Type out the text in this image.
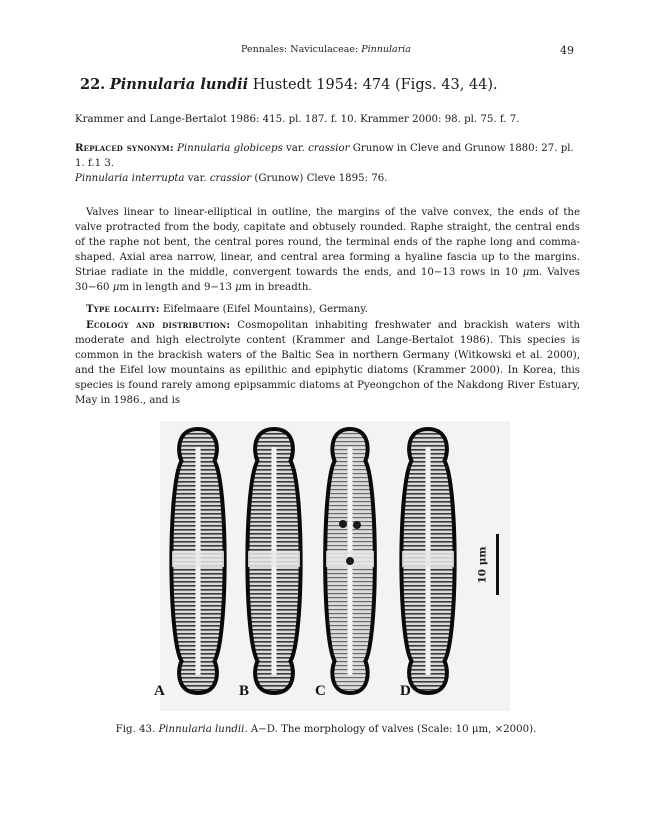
Pennales: Naviculaceae: Pinnularia	49
22. Pinnularia lundii Hustedt 1954: 474 (Figs. 43, 44).
Krammer and Lange-Bertalot 1986: 415. pl. 187. f. 10. Krammer 2000: 98. pl. 75. f. 7.
Replaced synonym: Pinnularia globiceps var. crassior Grunow in Cleve and Grunow 1880: 27. pl. 1. f.1 3.
Pinnularia interrupta var. crassior (Grunow) Cleve 1895: 76.
Valves linear to linear-elliptical in outline, the margins of the valve convex, the ends of the valve protracted from the body, capitate and obtusely rounded. Raphe straight, the central ends of the raphe not bent, the central pores round, the terminal ends of the raphe long and comma-shaped. Axial area narrow, linear, and central area forming a hyaline fascia up to the margins. Striae radiate in the middle, convergent towards the ends, and 10−13 rows in 10 μm. Valves 30−60 μm in length and 9−13 μm in breadth.
Type locality: Eifelmaare (Eifel Mountains), Germany.
Ecology and distribution: Cosmopolitan inhabiting freshwater and brackish waters with moderate and high electrolyte content (Krammer and Lange-Bertalot 1986). This species is common in the brackish waters of the Baltic Sea in northern Germany (Witkowski et al. 2000), and the Eifel low mountains as epilithic and epiphytic diatoms (Krammer 2000). In Korea, this species is found rarely among epipsammic diatoms at Pyeongchon of the Nakdong River Estuary, May in 1986., and is
A	B	C	D
10 μm
Fig. 43. Pinnularia lundii. A−D. The morphology of valves (Scale: 10 μm, ×2000).
